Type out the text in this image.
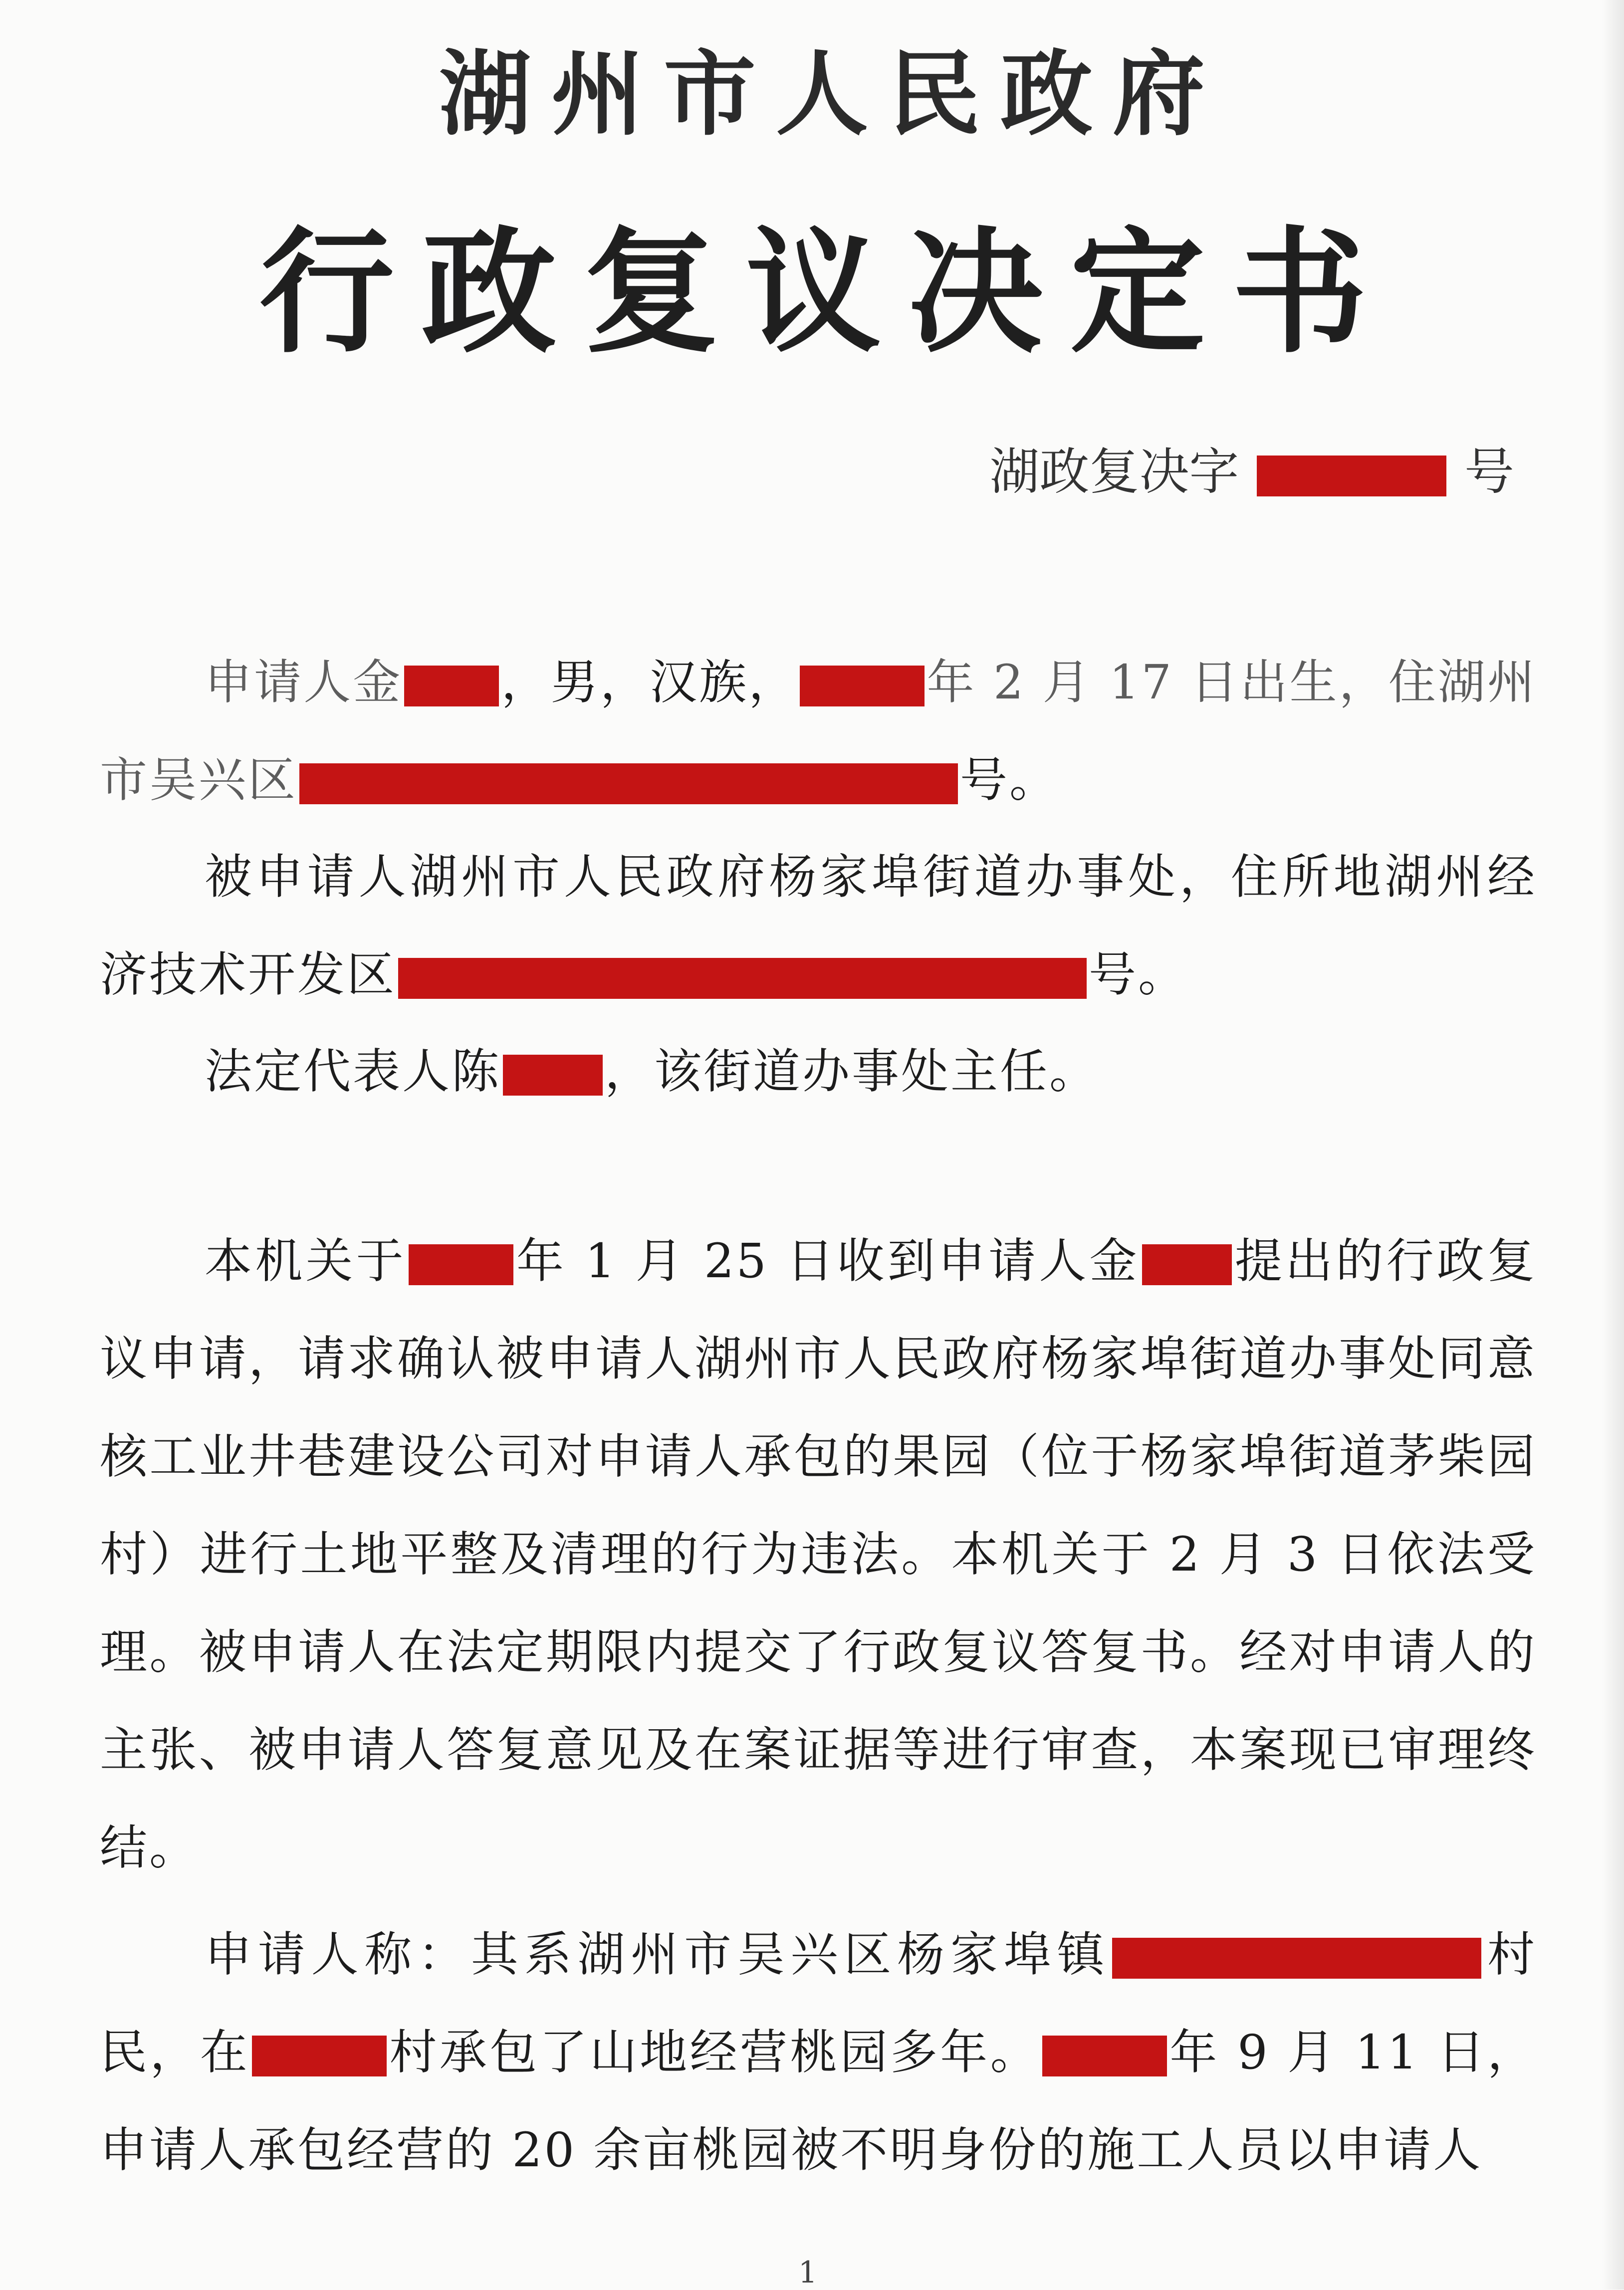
湖州市人民政府
行政复议决定书
湖政复决字	号
申请人金 ，男，汉族，	年 2 月 17 日出生，住湖州市吴兴区	号。
被申请人湖州市人民政府杨家埠街道办事处，住所地湖州经济技术开发区	号。
法定代表人陈 ，该街道办事处主任。
本机关于 年 1 月 25 日收到申请人金 提出的行政复议申请，请求确认被申请人湖州市人民政府杨家埠街道办事处同意核工业井巷建设公司对申请人承包的果园（位于杨家埠街道茅柴园村）进行土地平整及清理的行为违法。本机关于 2 月 3 日依法受理。被申请人在法定期限内提交了行政复议答复书。经对申请人的主张、被申请人答复意见及在案证据等进行审查，本案现已审理终结。
申请人称：其系湖州市吴兴区杨家埠镇	村民，在	村承包了山地经营桃园多年。	年 9 月 11 日，申请人承包经营的 20 余亩桃园被不明身份的施工人员以申请人
1
